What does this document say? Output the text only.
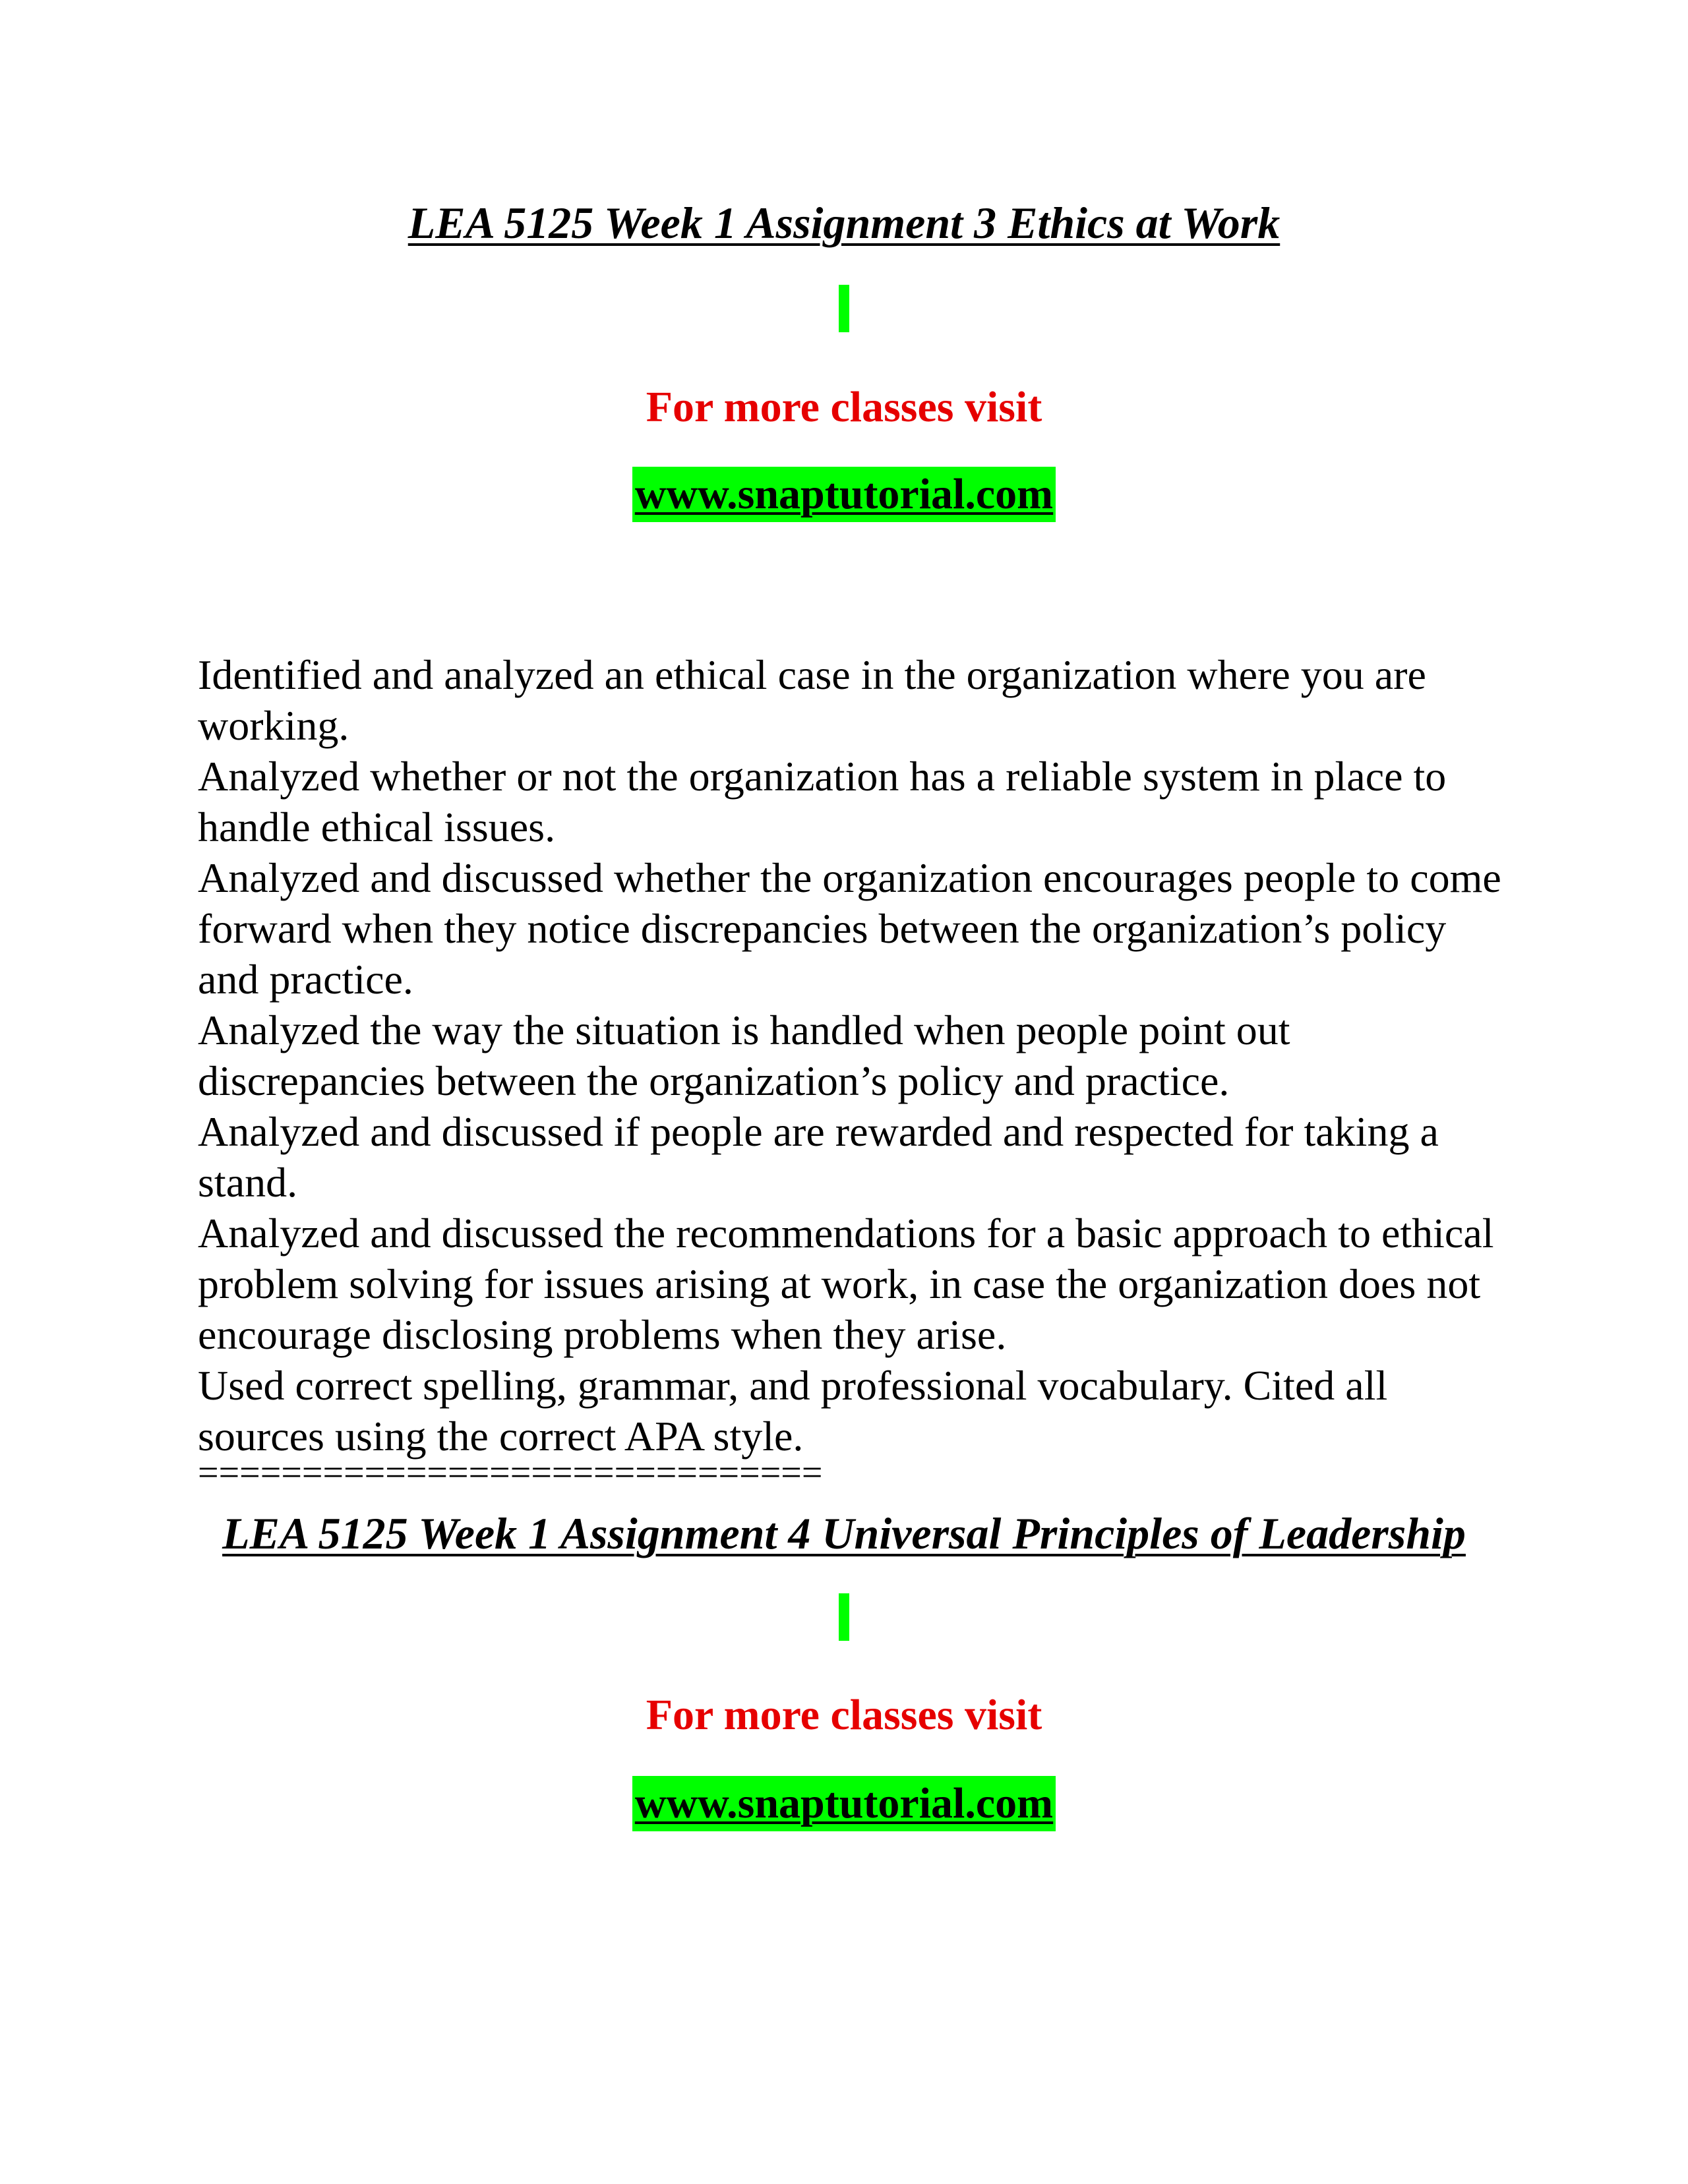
LEA 5125 Week 1 Assignment 3 Ethics at Work

For more classes visit

www.snaptutorial.com

Identified and analyzed an ethical case in the organization where you are working.

Analyzed whether or not the organization has a reliable system in place to handle ethical issues.

Analyzed and discussed whether the organization encourages people to come forward when they notice discrepancies between the organization’s policy and practice.

Analyzed the way the situation is handled when people point out discrepancies between the organization’s policy and practice.

Analyzed and discussed if people are rewarded and respected for taking a stand.

Analyzed and discussed the recommendations for a basic approach to ethical problem solving for issues arising at work, in case the organization does not encourage disclosing problems when they arise.

Used correct spelling, grammar, and professional vocabulary. Cited all sources using the correct APA style.

==============================
LEA 5125 Week 1 Assignment 4 Universal Principles of Leadership

For more classes visit

www.snaptutorial.com
